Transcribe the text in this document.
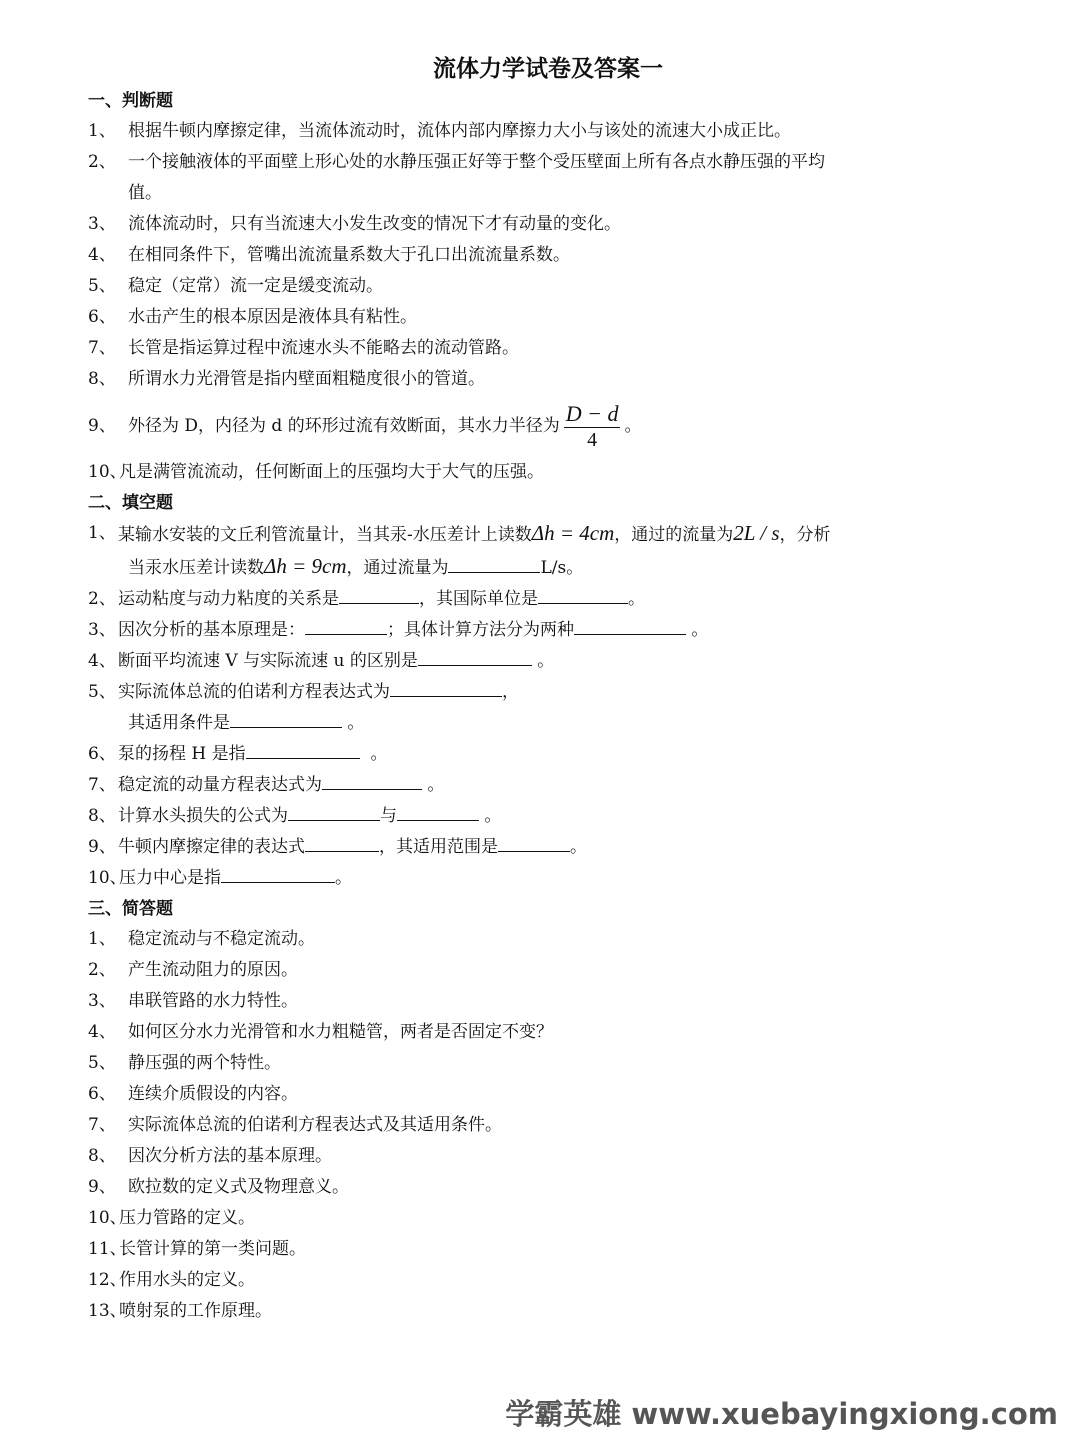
流体力学试卷及答案一
一、判断题
1、 根据牛顿内摩擦定律，当流体流动时，流体内部内摩擦力大小与该处的流速大小成正比。
2、 一个接触液体的平面壁上形心处的水静压强正好等于整个受压壁面上所有各点水静压强的平均
值。
3、 流体流动时，只有当流速大小发生改变的情况下才有动量的变化。
4、 在相同条件下，管嘴出流流量系数大于孔口出流流量系数。
5、 稳定（定常）流一定是缓变流动。
6、 水击产生的根本原因是液体具有粘性。
7、 长管是指运算过程中流速水头不能略去的流动管路。
8、 所谓水力光滑管是指内壁面粗糙度很小的管道。
9、 外径为 D，内径为 d 的环形过流有效断面，其水力半径为 $\frac{D - d}{4}$ 。
10、
凡是满管流流动，任何断面上的压强均大于大气的压强。
二、填空题
1、 某输水安装的文丘利管流量计，当其汞-水压差计上读数Δh = 4cm，通过的流量为2L / s，分析
当汞水压差计读数Δh = 9cm，通过流量为	L/s。
2、 运动粘度与动力粘度的关系是	，其国际单位是	。
3、 因次分析的基本原理是：	；具体计算方法分为两种	。
4、 断面平均流速 V 与实际流速 u 的区别是	。
5、 实际流体总流的伯诺利方程表达式为	，
其适用条件是	。
6、 泵的扬程 H 是指	。
7、 稳定流的动量方程表达式为	。
8、 计算水头损失的公式为	与	。
9、 牛顿内摩擦定律的表达式	，其适用范围是	。
10、
压力中心是指	。
三、简答题
1、 稳定流动与不稳定流动。
2、 产生流动阻力的原因。
3、 串联管路的水力特性。
4、 如何区分水力光滑管和水力粗糙管，两者是否固定不变？
5、 静压强的两个特性。
6、 连续介质假设的内容。
7、 实际流体总流的伯诺利方程表达式及其适用条件。
8、 因次分析方法的基本原理。
9、 欧拉数的定义式及物理意义。
10、
压力管路的定义。
11、
长管计算的第一类问题。
12、
作用水头的定义。
13、
喷射泵的工作原理。
学霸英雄 www.xuebayingxiong.com
